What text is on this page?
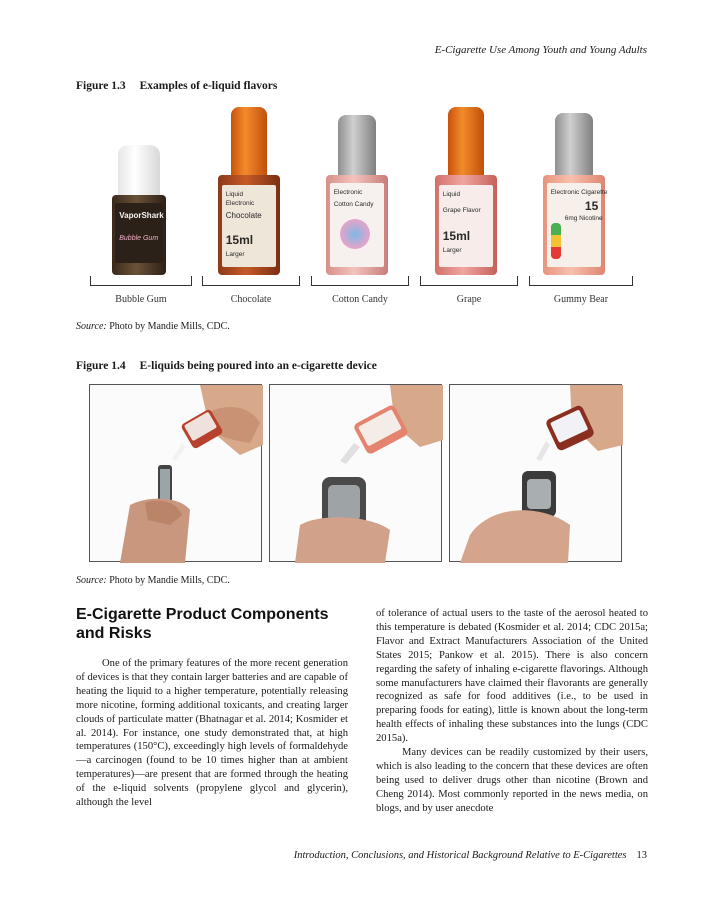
E-Cigarette Use Among Youth and Young Adults
Figure 1.3 Examples of e-liquid flavors
VaporShark
Bubble Gum
Liquid
Electronic
Chocolate
15ml
Larger
Electronic
Cotton Candy
Liquid
Grape Flavor
15ml
Larger
Electronic Cigarette
15
6mg Nicotine
Bubble Gum	Chocolate	Cotton Candy	Grape	Gummy Bear
Source: Photo by Mandie Mills, CDC.
Figure 1.4 E-liquids being poured into an e-cigarette device
Source: Photo by Mandie Mills, CDC.
E-Cigarette Product Components and Risks

One of the primary features of the more recent generation of devices is that they contain larger batteries and are capable of heating the liquid to a higher temperature, potentially releasing more nicotine, forming additional toxicants, and creating larger clouds of particulate matter (Bhatnagar et al. 2014; Kosmider et al. 2014). For instance, one study demonstrated that, at high temperatures (150°C), exceedingly high levels of formaldehyde—a carcinogen (found to be 10 times higher than at ambient temperatures)—are present that are formed through the heating of the e-liquid solvents (propylene glycol and glycerin), although the level

of tolerance of actual users to the taste of the aerosol heated to this temperature is debated (Kosmider et al. 2014; CDC 2015a; Flavor and Extract Manufacturers Association of the United States 2015; Pankow et al. 2015). There is also concern regarding the safety of inhaling e-cigarette flavorings. Although some manufacturers have claimed their flavorants are generally recognized as safe for food additives (i.e., to be used in preparing foods for eating), little is known about the long-term health effects of inhaling these substances into the lungs (CDC 2015a).

Many devices can be readily customized by their users, which is also leading to the concern that these devices are often being used to deliver drugs other than nicotine (Brown and Cheng 2014). Most commonly reported in the news media, on blogs, and by user anecdote

Introduction, Conclusions, and Historical Background Relative to E-Cigarettes 13
